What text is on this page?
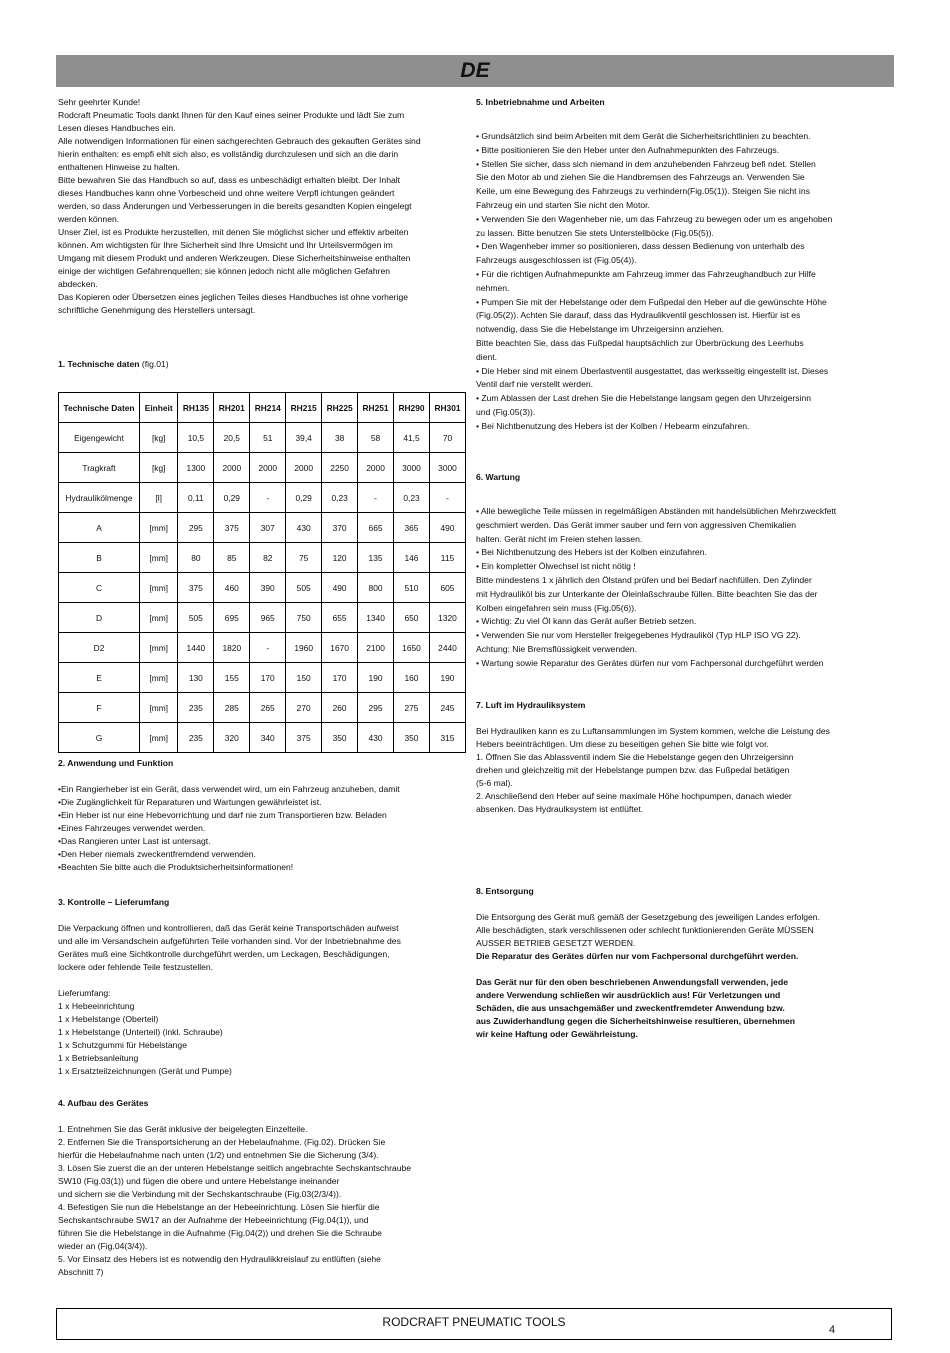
DE

Sehr geehrter Kunde!

Rodcraft Pneumatic Tools dankt Ihnen für den Kauf eines seiner Produkte und lädt Sie zum

Lesen dieses Handbuches ein.

Alle notwendigen Informationen für einen sachgerechten Gebrauch des gekauften Gerätes sind

hierin enthalten: es empfi ehlt sich also, es vollständig durchzulesen und sich an die darin

enthaltenen Hinweise zu halten.

Bitte bewahren Sie das Handbuch so auf, dass es unbeschädigt erhalten bleibt. Der Inhalt

dieses Handbuches kann ohne Vorbescheid und ohne weitere Verpfl ichtungen geändert

werden, so dass Änderungen und Verbesserungen in die bereits gesandten Kopien eingelegt

werden können.

Unser Ziel, ist es Produkte herzustellen, mit denen Sie möglichst sicher und effektiv arbeiten

können. Am wichtigsten für Ihre Sicherheit sind Ihre Umsicht und Ihr Urteilsvermögen im

Umgang mit diesem Produkt und anderen Werkzeugen. Diese Sicherheitshinweise enthalten

einige der wichtigen Gefahrenquellen; sie können jedoch nicht alle möglichen Gefahren

abdecken.

Das Kopieren oder Übersetzen eines jeglichen Teiles dieses Handbuches ist ohne vorherige

schriftliche Genehmigung des Herstellers untersagt.

1. Technische daten (fig.01)

Technische Daten	Einheit	RH135	RH201	RH214	RH215	RH225	RH251	RH290	RH301
Eigengewicht	[kg]	10,5	20,5	51	39,4	38	58	41,5	70
Tragkraft	[kg]	1300	2000	2000	2000	2250	2000	3000	3000
Hydraulikölmenge	[l]	0,11	0,29	-	0,29	0,23	-	0,23	-
A	[mm]	295	375	307	430	370	665	365	490
B	[mm]	80	85	82	75	120	135	146	115
C	[mm]	375	460	390	505	490	800	510	605
D	[mm]	505	695	965	750	655	1340	650	1320
D2	[mm]	1440	1820	-	1960	1670	2100	1650	2440
E	[mm]	130	155	170	150	170	190	160	190
F	[mm]	235	285	265	270	260	295	275	245
G	[mm]	235	320	340	375	350	430	350	315

2. Anwendung und Funktion

•Ein Rangierheber ist ein Gerät, dass verwendet wird, um ein Fahrzeug anzuheben, damit

•Die Zugänglichkeit für Reparaturen und Wartungen gewährleistet ist.

•Ein Heber ist nur eine Hebevorrichtung und darf nie zum Transportieren bzw. Beladen

•Eines Fahrzeuges verwendet werden.

•Das Rangieren unter Last ist untersagt.

•Den Heber niemals zweckentfremdend verwenden.

•Beachten Sie bitte auch die Produktsicherheitsinformationen!

3. Kontrolle – Lieferumfang

Die Verpackung öffnen und kontrollieren, daß das Gerät keine Transportschäden aufweist

und alle im Versandschein aufgeführten Teile vorhanden sind. Vor der Inbetriebnahme des

Gerätes muß eine Sichtkontrolle durchgeführt werden, um Leckagen, Beschädigungen,

lockere oder fehlende Teile festzustellen.

Lieferumfang:

1 x Hebeeinrichtung

1 x Hebelstange (Oberteil)

1 x Hebelstange (Unterteil) (inkl. Schraube)

1 x Schutzgummi für Hebelstange

1 x Betriebsanleitung

1 x Ersatzteilzeichnungen (Gerät und Pumpe)

4. Aufbau des Gerätes

1. Entnehmen Sie das Gerät inklusive der beigelegten Einzelteile.

2. Entfernen Sie die Transportsicherung an der Hebelaufnahme. (Fig.02). Drücken Sie

hierfür die Hebelaufnahme nach unten (1/2) und entnehmen Sie die Sicherung (3/4).

3. Lösen Sie zuerst die an der unteren Hebelstange seitlich angebrachte Sechskantschraube

SW10 (Fig.03(1)) und fügen die obere und untere Hebelstange ineinander

und sichern sie die Verbindung mit der Sechskantschraube (Fig.03(2/3/4)).

4. Befestigen Sie nun die Hebelstange an der Hebeeinrichtung. Lösen Sie hierfür die

Sechskantschraube SW17 an der Aufnahme der Hebeeinrichtung (Fig.04(1)), und

führen Sie die Hebelstange in die Aufnahme (Fig.04(2)) und drehen Sie die Schraube

wieder an (Fig.04(3/4)).

5. Vor Einsatz des Hebers ist es notwendig den Hydraulikkreislauf zu entlüften (siehe

Abschnitt 7)

5. Inbetriebnahme und Arbeiten

• Grundsätzlich sind beim Arbeiten mit dem Gerät die Sicherheitsrichtlinien zu beachten.

• Bitte positionieren Sie den Heber unter den Aufnahmepunkten des Fahrzeugs.

• Stellen Sie sicher, dass sich niemand in dem anzuhebenden Fahrzeug befi ndet. Stellen

Sie den Motor ab und ziehen Sie die Handbremsen des Fahrzeugs an. Verwenden Sie

Keile, um eine Bewegung des Fahrzeugs zu verhindern(Fig.05(1)). Steigen Sie nicht ins

Fahrzeug ein und starten Sie nicht den Motor.

• Verwenden Sie den Wagenheber nie, um das Fahrzeug zu bewegen oder um es angehoben

zu lassen. Bitte benutzen Sie stets Unterstellböcke (Fig.05(5)).

• Den Wagenheber immer so positionieren, dass dessen Bedienung von unterhalb des

Fahrzeugs ausgeschlossen ist (Fig.05(4)).

• Für die richtigen Aufnahmepunkte am Fahrzeug immer das Fahrzeughandbuch zur Hilfe

nehmen.

• Pumpen Sie mit der Hebelstange oder dem Fußpedal den Heber auf die gewünschte Höhe

(Fig.05(2)). Achten Sie darauf, dass das Hydraulikventil geschlossen ist. Hierfür ist es

notwendig, dass Sie die Hebelstange im Uhrzeigersinn anziehen.

Bitte beachten Sie, dass das Fußpedal hauptsächlich zur Überbrückung des Leerhubs

dient.

• Die Heber sind mit einem Überlastventil ausgestattet, das werksseitig eingestellt ist. Dieses

Ventil darf nie verstellt werden.

• Zum Ablassen der Last drehen Sie die Hebelstange langsam gegen den Uhrzeigersinn

und (Fig.05(3)).

• Bei Nichtbenutzung des Hebers ist der Kolben / Hebearm einzufahren.

6. Wartung

• Alle bewegliche Teile müssen in regelmäßigen Abständen mit handelsüblichen Mehrzweckfett

geschmiert werden. Das Gerät immer sauber und fern von aggressiven Chemikalien

halten. Gerät nicht im Freien stehen lassen.

• Bei Nichtbenutzung des Hebers ist der Kolben einzufahren.

• Ein kompletter Ölwechsel ist nicht nötig !

Bitte mindestens 1 x jährlich den Ölstand prüfen und bei Bedarf nachfüllen. Den Zylinder

mit Hydrauliköl bis zur Unterkante der Öleinlaßschraube füllen. Bitte beachten Sie das der

Kolben eingefahren sein muss (Fig.05(6)).

• Wichtig: Zu viel Öl kann das Gerät außer Betrieb setzen.

• Verwenden Sie nur vom Hersteller freigegebenes Hydrauliköl (Typ HLP ISO VG 22).

Achtung: Nie Bremsflüssigkeit verwenden.

• Wartung sowie Reparatur des Gerätes dürfen nur vom Fachpersonal durchgeführt werden

7. Luft im Hydrauliksystem

Bei Hydrauliken kann es zu Luftansammlungen im System kommen, welche die Leistung des

Hebers beeinträchtigen. Um diese zu beseitigen gehen Sie bitte wie folgt vor.

1. Öffnen Sie das Ablassventil indem Sie die Hebelstange gegen den Uhrzeigersinn

drehen und gleichzeitig mit der Hebelstange pumpen bzw. das Fußpedal betätigen

(5-6 mal).

2. Anschließend den Heber auf seine maximale Höhe hochpumpen, danach wieder

absenken. Das Hydraulksystem ist entlüftet.

8. Entsorgung

Die Entsorgung des Gerät muß gemäß der Gesetzgebung des jeweiligen Landes erfolgen.

Alle beschädigten, stark verschlissenen oder schlecht funktionierenden Geräte MÜSSEN

AUSSER BETRIEB GESETZT WERDEN.

Die Reparatur des Gerätes dürfen nur vom Fachpersonal durchgeführt werden.

Das Gerät nur für den oben beschriebenen Anwendungsfall verwenden, jede

andere Verwendung schließen wir ausdrücklich aus! Für Verletzungen und

Schäden, die aus unsachgemäßer und zweckentfremdeter Anwendung bzw.

aus Zuwiderhandlung gegen die Sicherheitshinweise resultieren, übernehmen

wir keine Haftung oder Gewährleistung.

RODCRAFT PNEUMATIC TOOLS
4
